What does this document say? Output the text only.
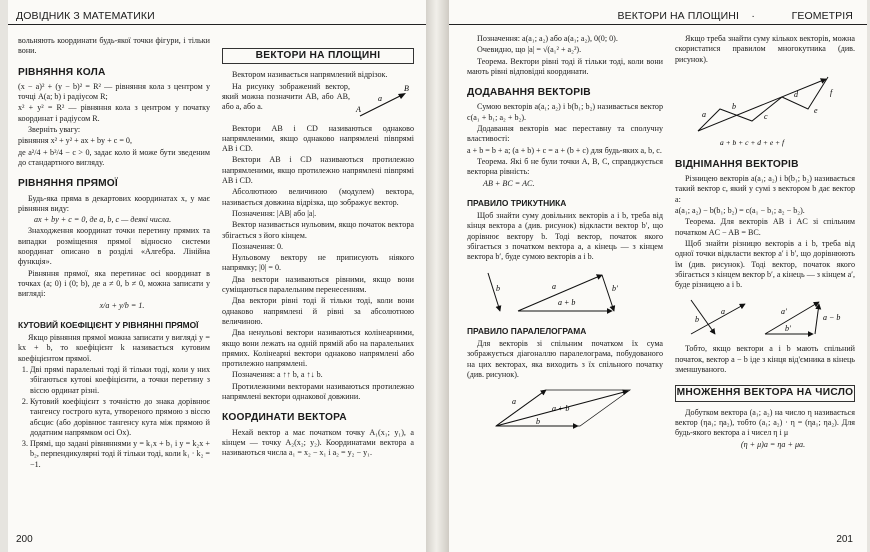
ДОВІДНИК З МАТЕМАТИКИ

вольняють координати будь-якої точки фігури, і тільки вони.

РІВНЯННЯ КОЛА

(x − a)² + (y − b)² = R² — рівняння кола з центром у точці A(a; b) і радіусом R;

x² + y² = R² — рівняння кола з центром у початку координат і радіусом R.

Зверніть увагу:

рівняння x² + y² + ax + by + c = 0,

де a²/4 + b²/4 − c > 0, задає коло й може бути зведеним до стандартного вигляду.

РІВНЯННЯ ПРЯМОЇ

Будь-яка пряма в декартових координатах x, y має рівняння виду:

ax + by + c = 0, де a, b, c — деякі числа.

Знаходження координат точки перетину прямих та випадки розміщення прямої відносно системи координат описано в розділі «Алгебра. Лінійна функція».

Рівняння прямої, яка перетинає осі координат в точках (a; 0) і (0; b), де a ≠ 0, b ≠ 0, можна записати у вигляді:

x/a + y/b = 1.

КУТОВИЙ КОЕФІЦІЄНТ У РІВНЯННІ ПРЯМОЇ

Якщо рівняння прямої можна записати у вигляді y = kx + b, то коефіцієнт k називається кутовим коефіцієнтом прямої.

1. Дві прямі паралельні тоді й тільки тоді, коли у них збігаються кутові коефіцієнти, а точки перетину з віссю ординат різні.
2. Кутовий коефіцієнт з точністю до знака дорівнює тангенсу гострого кута, утвореного прямою з віссю абсцис (або дорівнює тангенсу кута між прямою й додатним напрямком осі Ox).
3. Прямі, що задані рівняннями y = k₁x + b₁ і y = k₂x + b₂, перпендикулярні тоді й тільки тоді, коли k₁ · k₂ = −1.
ВЕКТОРИ НА ПЛОЩИНІ

Вектором називається напрямлений відрізок.

На рисунку зображений вектор, який можна позначити AB, або AB, або a, або a.	A
B
a

Вектори AB і CD називаються однаково напрямленими, якщо однаково напрямлені півпрямі AB і CD.

Вектори AB і CD називаються протилежно напрямленими, якщо протилежно напрямлені півпрямі AB і CD.

Абсолютною величиною (модулем) вектора, називається довжина відрізка, що зображує вектор.

Позначення: |AB| або |a|.

Вектор називається нульовим, якщо початок вектора збігається з його кінцем.

Позначення: 0.

Нульовому вектору не приписують ніякого напрямку; |0| = 0.

Два вектори називаються рівними, якщо вони суміщаються паралельним перенесенням.

Два вектори рівні тоді й тільки тоді, коли вони однаково напрямлені й рівні за абсолютною величиною.

Два ненульові вектори називаються колінеарними, якщо вони лежать на одній прямій або на паралельних прямих. Колінеарні вектори однаково напрямлені або протилежно напрямлені.

Позначення: a ↑↑ b, a ↑↓ b.

Протилежними векторами називаються протилежно напрямлені вектори однакової довжини.

КООРДИНАТИ ВЕКТОРА

Нехай вектор a має початком точку A₁(x₁; y₁), а кінцем — точку A₂(x₂; y₂). Координатами вектора a називаються числа a₁ = x₂ − x₁ і a₂ = y₂ − y₁.

200
ВЕКТОРИ НА ПЛОЩИНІ ·	ГЕОМЕТРІЯ

Позначення: a(a₁; a₂) або a(a₁; a₂), 0(0; 0).

Очевидно, що |a| = √(a₁² + a₂²).

Теорема. Вектори рівні тоді й тільки тоді, коли вони мають рівні відповідні координати.

ДОДАВАННЯ ВЕКТОРІВ

Сумою векторів a(a₁; a₂) і b(b₁; b₂) називається вектор c(a₁ + b₁; a₂ + b₂).

Додавання векторів має переставну та сполучну властивості:

a + b = b + a; (a + b) + c = a + (b + c) для будь-яких a, b, c.

Теорема. Які б не були точки A, B, C, справджується векторна рівність:

AB + BC = AC.

ПРАВИЛО ТРИКУТНИКА

Щоб знайти суму довільних векторів a і b, треба від кінця вектора a (див. рисунок) відкласти вектор b′, що дорівнює вектору b. Тоді вектор, початок якого збігається з початком вектора a, а кінець — з кінцем вектора b′, буде сумою векторів a і b.

b	a	b′
a + b
ПРАВИЛО ПАРАЛЕЛОГРАМА

Для векторів зі спільним початком їх сума зображується діагоналлю паралелограма, побудованого на цих векторах, яка виходить з їх спільного початку (див. рисунок).

a
b
a + b

Якщо треба знайти суму кількох векторів, можна скористатися правилом многокутника (див. рисунок).

a
b
c
d
e
f
a + b + c + d + e + f
ВІДНІМАННЯ ВЕКТОРІВ

Різницею векторів a(a₁; a₂) і b(b₁; b₂) називається такий вектор c, який у сумі з вектором b дає вектор a:

a(a₁; a₂) − b(b₁; b₂) = c(a₁ − b₁; a₂ − b₂).

Теорема. Для векторів AB і AC зі спільним початком AC − AB = BC.

Щоб знайти різницю векторів a і b, треба від одної точки відкласти вектор a′ і b′, що дорівнюють їм (див. рисунок). Тоді вектор, початок якого збігається з кінцем вектор b′, а кінець — з кінцем a′, буде різницею a і b.

b
a	a′
a − b
b′

Тобто, якщо вектори a і b мають спільний початок, вектор a − b іде з кінця від'ємника в кінець зменшуваного.

МНОЖЕННЯ ВЕКТОРА НА ЧИСЛО

Добутком вектора (a₁; a₂) на число η називається вектор (ηa₁; ηa₂), тобто (a₁; a₂) · η = (ηa₁; ηa₂). Для будь-якого вектора a і чисел η і μ

(η + μ)a = ηa + μa.

201
